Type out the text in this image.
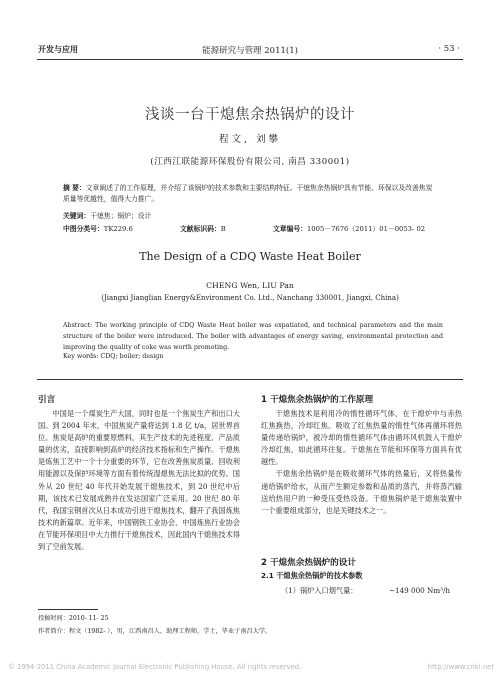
开发与应用	能源研究与管理 2011(1)	· 53 ·
浅谈一台干熄焦余热锅炉的设计
程文, 刘攀
(江西江联能源环保股份有限公司, 南昌 330001)
摘 要：文章阐述了的工作原理，并介绍了该锅炉的技术参数和主要结构特征。干熄焦余热锅炉具有节能、环保以及改善焦炭质量等优越性，值得大力推广。
关键词：干熄焦；锅炉；设计
中图分类号： TK229.6	文献标识码： B	文章编号： 1005－7676（2011）01－0053- 02
The Design of a CDQ Waste Heat Boiler
CHENG Wen, LIU Pan
(Jiangxi Jianglian Energy&Environment Co. Ltd., Nanchang 330001, Jiangxi, China)
Abstract: The working principle of CDQ Waste Heat boiler was expatiated, and technical parameters and the main structure of the boiler were introduced. The boiler with advantages of energy saving, environmental protection and improving the quality of coke was worth promoting.
Key words: CDQ; boiler; design
引言

中国是一个煤炭生产大国，同时也是一个焦炭生产和出口大国。到 2004 年末，中国焦炭产量将达到 1.8 亿 t/a，居世界首位。焦炭是高炉的重要原燃料，其生产技术的先进程度、产品质量的优劣，直接影响到高炉的经济技术指标和生产操作。干熄焦是炼焦工艺中一个十分重要的环节，它在改善焦炭质量、回收利用能源以及保护环境等方面有着传统湿熄焦无法比拟的优势。国外从 20 世纪 40 年代开始发展干熄焦技术，到 20 世纪中后期，该技术已发展成熟并在发达国家广泛采用。20 世纪 80 年代，我国宝钢首次从日本成功引进干熄焦技术，翻开了我国炼焦技术的新篇章。近年来，中国钢铁工业协会、中国炼焦行业协会在节能环保项目中大力推行干熄焦技术，因此国内干熄焦技术得到了空前发展。

1 干熄焦余热锅炉的工作原理

干熄焦技术是利用冷的惰性循环气体，在干熄炉中与赤热红焦换热，冷却红焦。吸收了红焦热量的惰性气体再循环将热量传递给锅炉，被冷却的惰性循环气体由循环风机鼓入干熄炉冷却红焦，如此循环往复。干熄焦在节能和环保等方面具有优越性。

干熄焦余热锅炉是在吸收循环气体的热量后，又将热量传递给锅炉给水，从而产生额定参数和品质的蒸汽，并将蒸汽输送给热用户的一种受压受热设备。干熄焦锅炉是干熄焦装置中一个重要组成部分，也是关键技术之一。

2 干熄焦余热锅炉的设计
2.1 干熄焦余热锅炉的技术参数
（1）锅炉入口烟气量：	~149 000 Nm³/h
投稿时间：2010- 11- 25
作者简介：程文（1982- ），男，江西南昌人，助理工程师，学士，毕业于南昌大学。
© 1994-2011 China Academic Journal Electronic Publishing House. All rights reserved.	http://www.cnki.net
